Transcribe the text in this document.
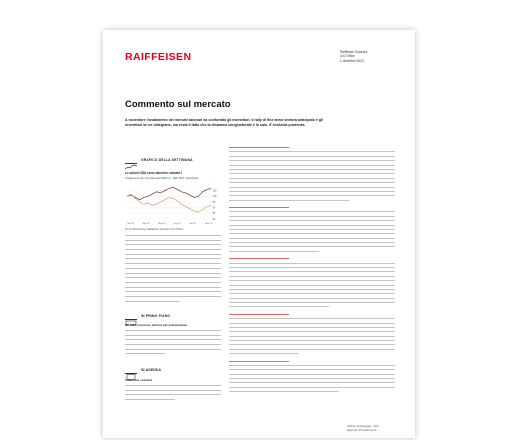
RAIFFEISEN	Raiffeisen Svizzera
CIO Office
1 dicembre 2023
Commento sul mercato
A novembre l'andamento dei mercati azionari ha confortato gli investitori. Il rally di fine anno sembra anticipato e gli investitori se ne rallegrano, ma resta il fatto che la dinamica congiunturale è in calo. È richiesta prudenza.
GRAFICO DELLA SETTIMANA
Le azioni USA sono davvero rubuste?
Andamento dei corsi Russell 2000 vs. S&P 500, indicizzato
105
100
95
90
85
80
Gen 23	Mar 23	Mag 23	Lug 23	Set 23	Nov 23
Fonti: Bloomberg, Raiffeisen Svizzera CIO Office
IN PRIMO PIANO
Gli USA crescono ancora più velocemente
IN AGENDA
Inflazione svizzera
Jeffrey Hochegger, CFA
Esperto d'investimenti
